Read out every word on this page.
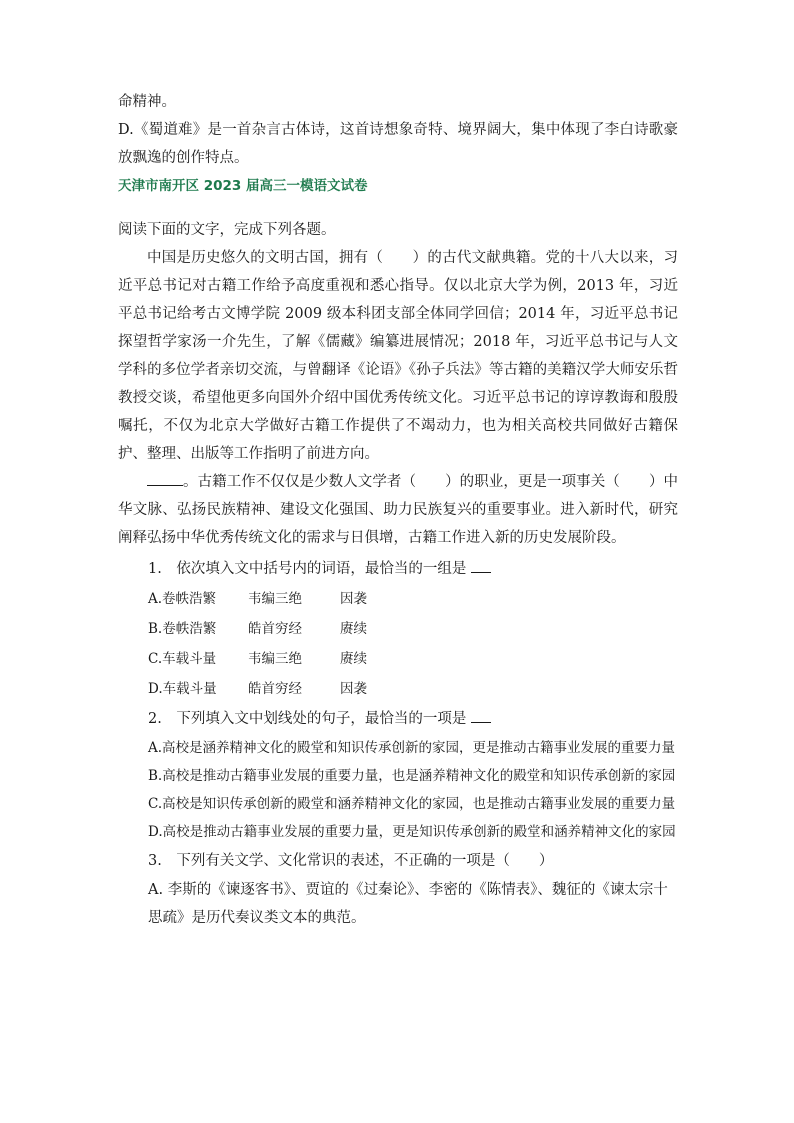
命精神。
D.《蜀道难》是一首杂言古体诗，这首诗想象奇特、境界阔大，集中体现了李白诗歌豪放飘逸的创作特点。
天津市南开区 2023 届高三一模语文试卷
阅读下面的文字，完成下列各题。
中国是历史悠久的文明古国，拥有（　　）的古代文献典籍。党的十八大以来，习近平总书记对古籍工作给予高度重视和悉心指导。仅以北京大学为例，2013 年，习近平总书记给考古文博学院 2009 级本科团支部全体同学回信；2014 年，习近平总书记探望哲学家汤一介先生，了解《儒藏》编纂进展情况；2018 年，习近平总书记与人文学科的多位学者亲切交流，与曾翻译《论语》《孙子兵法》等古籍的美籍汉学大师安乐哲教授交谈，希望他更多向国外介绍中国优秀传统文化。习近平总书记的谆谆教诲和殷殷嘱托，不仅为北京大学做好古籍工作提供了不竭动力，也为相关高校共同做好古籍保护、整理、出版等工作指明了前进方向。
。古籍工作不仅仅是少数人文学者（　　）的职业，更是一项事关（　　）中华文脉、弘扬民族精神、建设文化强国、助力民族复兴的重要事业。进入新时代，研究阐释弘扬中华优秀传统文化的需求与日俱增，古籍工作进入新的历史发展阶段。
1.　依次填入文中括号内的词语，最恰当的一组是
A.卷帙浩繁 韦编三绝	因袭
B.卷帙浩繁 皓首穷经	赓续
C.车载斗量 韦编三绝	赓续
D.车载斗量 皓首穷经	因袭
2.　下列填入文中划线处的句子，最恰当的一项是
A.高校是涵养精神文化的殿堂和知识传承创新的家园，更是推动古籍事业发展的重要力量
B.高校是推动古籍事业发展的重要力量，也是涵养精神文化的殿堂和知识传承创新的家园
C.高校是知识传承创新的殿堂和涵养精神文化的家园，也是推动古籍事业发展的重要力量
D.高校是推动古籍事业发展的重要力量，更是知识传承创新的殿堂和涵养精神文化的家园
3.　下列有关文学、文化常识的表述，不正确的一项是（　　）
A. 李斯的《谏逐客书》、贾谊的《过秦论》、李密的《陈情表》、魏征的《谏太宗十思疏》是历代奏议类文本的典范。
